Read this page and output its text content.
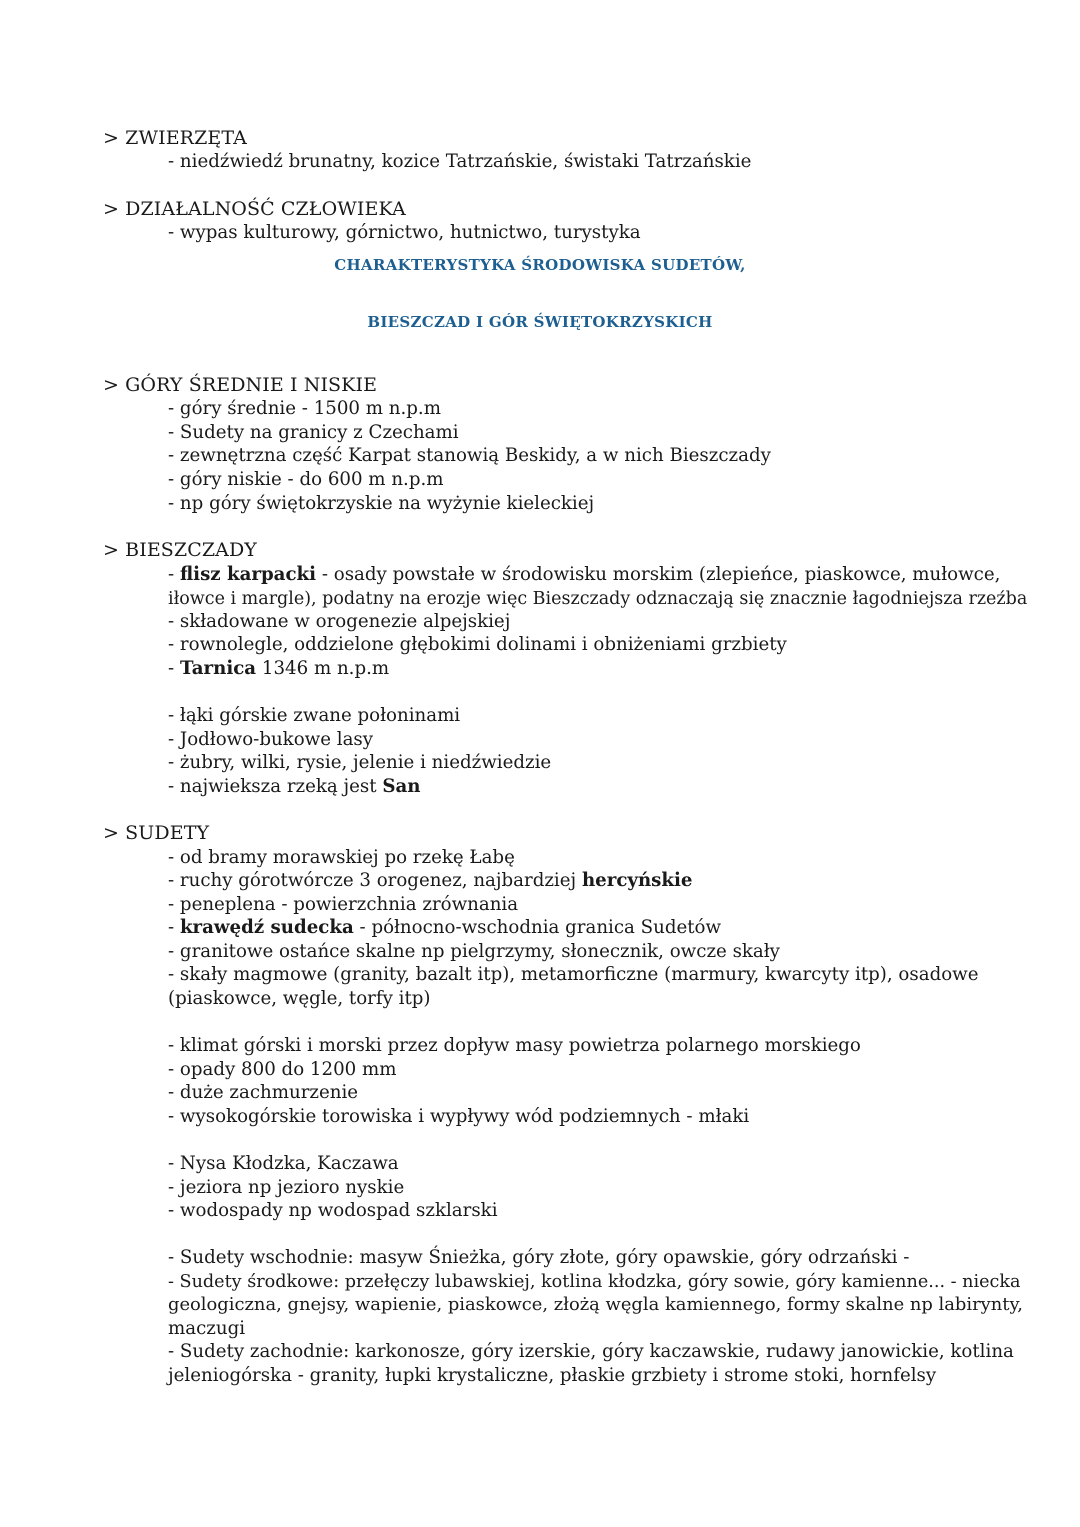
> ZWIERZĘTA
- niedźwiedź brunatny, kozice Tatrzańskie, świstaki Tatrzańskie
> DZIAŁALNOŚĆ CZŁOWIEKA
- wypas kulturowy, górnictwo, hutnictwo, turystyka
CHARAKTERYSTYKA ŚRODOWISKA SUDETÓW,
BIESZCZAD I GÓR ŚWIĘTOKRZYSKICH
> GÓRY ŚREDNIE I NISKIE
- góry średnie - 1500 m n.p.m
- Sudety na granicy z Czechami
- zewnętrzna część Karpat stanowią Beskidy, a w nich Bieszczady
- góry niskie - do 600 m n.p.m
- np góry świętokrzyskie na wyżynie kieleckiej
> BIESZCZADY
- flisz karpacki - osady powstałe w środowisku morskim (zlepieńce, piaskowce, mułowce,
iłowce i margle), podatny na erozje więc Bieszczady odznaczają się znacznie łagodniejsza rzeźba
- składowane w orogenezie alpejskiej
- rownolegle, oddzielone głębokimi dolinami i obniżeniami grzbiety
- Tarnica 1346 m n.p.m
- łąki górskie zwane połoninami
- Jodłowo-bukowe lasy
- żubry, wilki, rysie, jelenie i niedźwiedzie
- najwieksza rzeką jest San
> SUDETY
- od bramy morawskiej po rzekę Łabę
- ruchy górotwórcze 3 orogenez, najbardziej hercyńskie
- peneplena - powierzchnia zrównania
- krawędź sudecka - północno-wschodnia granica Sudetów
- granitowe ostańce skalne np pielgrzymy, słonecznik, owcze skały
- skały magmowe (granity, bazalt itp), metamorficzne (marmury, kwarcyty itp), osadowe
(piaskowce, węgle, torfy itp)
- klimat górski i morski przez dopływ masy powietrza polarnego morskiego
- opady 800 do 1200 mm
- duże zachmurzenie
- wysokogórskie torowiska i wypływy wód podziemnych - młaki
- Nysa Kłodzka, Kaczawa
- jeziora np jezioro nyskie
- wodospady np wodospad szklarski
- Sudety wschodnie: masyw Śnieżka, góry złote, góry opawskie, góry odrzański -
- Sudety środkowe: przełęczy lubawskiej, kotlina kłodzka, góry sowie, góry kamienne... - niecka
geologiczna, gnejsy, wapienie, piaskowce, złożą węgla kamiennego, formy skalne np labirynty,
maczugi
- Sudety zachodnie: karkonosze, góry izerskie, góry kaczawskie, rudawy janowickie, kotlina
jeleniogórska - granity, łupki krystaliczne, płaskie grzbiety i strome stoki, hornfelsy
